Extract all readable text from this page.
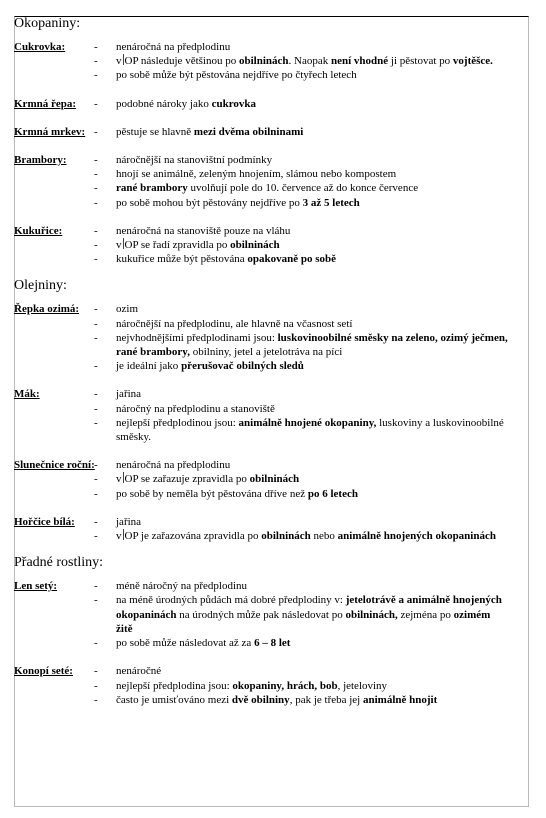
Okopaniny:
Cukrovka:	-	nenáročná na předplodinu
-	v OP následuje většinou po obilninách. Naopak není vhodné ji pěstovat po vojtěšce.
-	po sobě může být pěstována nejdříve po čtyřech letech
Krmná řepa:	-	podobné nároky jako cukrovka
Krmná mrkev: -	pěstuje se hlavně mezi dvěma obilninami
Brambory:	-	náročnější na stanovištní podmínky
-	hnojí se animálně, zeleným hnojením, slámou nebo kompostem
-	rané brambory uvolňují pole do 10. července až do konce července
-	po sobě mohou být pěstovány nejdříve po 3 až 5 letech
Kukuřice:	-	nenáročná na stanoviště pouze na vláhu
-	v OP se řadí zpravidla po obilninách
-	kukuřice může být pěstována opakovaně po sobě
Olejniny:
Řepka ozimá:	-	ozim
-	náročnější na předplodinu, ale hlavně na včasnost setí
-	nejvhodnějšími předplodinami jsou: luskovinoobilné směsky na zeleno, ozimý ječmen, rané brambory, obilniny, jetel a jetelotráva na píci
-	je ideální jako přerušovač obilných sledů
Mák:	-	jařina
-	náročný na předplodinu a stanoviště
-	nejlepší předplodinou jsou: animálně hnojené okopaniny, luskoviny a luskovinoobilné směsky.
Slunečnice roční: -	nenáročná na předplodinu
-	v OP se zařazuje zpravidla po obilninách
-	po sobě by neměla být pěstována dříve než po 6 letech
Hořčice bílá:	-	jařina
-	v OP je zařazována zpravidla po obilninách nebo animálně hnojených okopaninách
Přadné rostliny:
Len setý:	-	méně náročný na předplodinu
-	na méně úrodných půdách má dobré předplodiny v: jetelotrávě a animálně hnojených okopaninách na úrodných může pak následovat po obilninách, zejména po ozimém žitě
-	po sobě může následovat až za 6 – 8 let
Konopí seté:	-	nenáročné
-	nejlepší předplodina jsou: okopaniny, hrách, bob, jeteloviny
-	často je umisťováno mezi dvě obilniny, pak je třeba jej animálně hnojit
